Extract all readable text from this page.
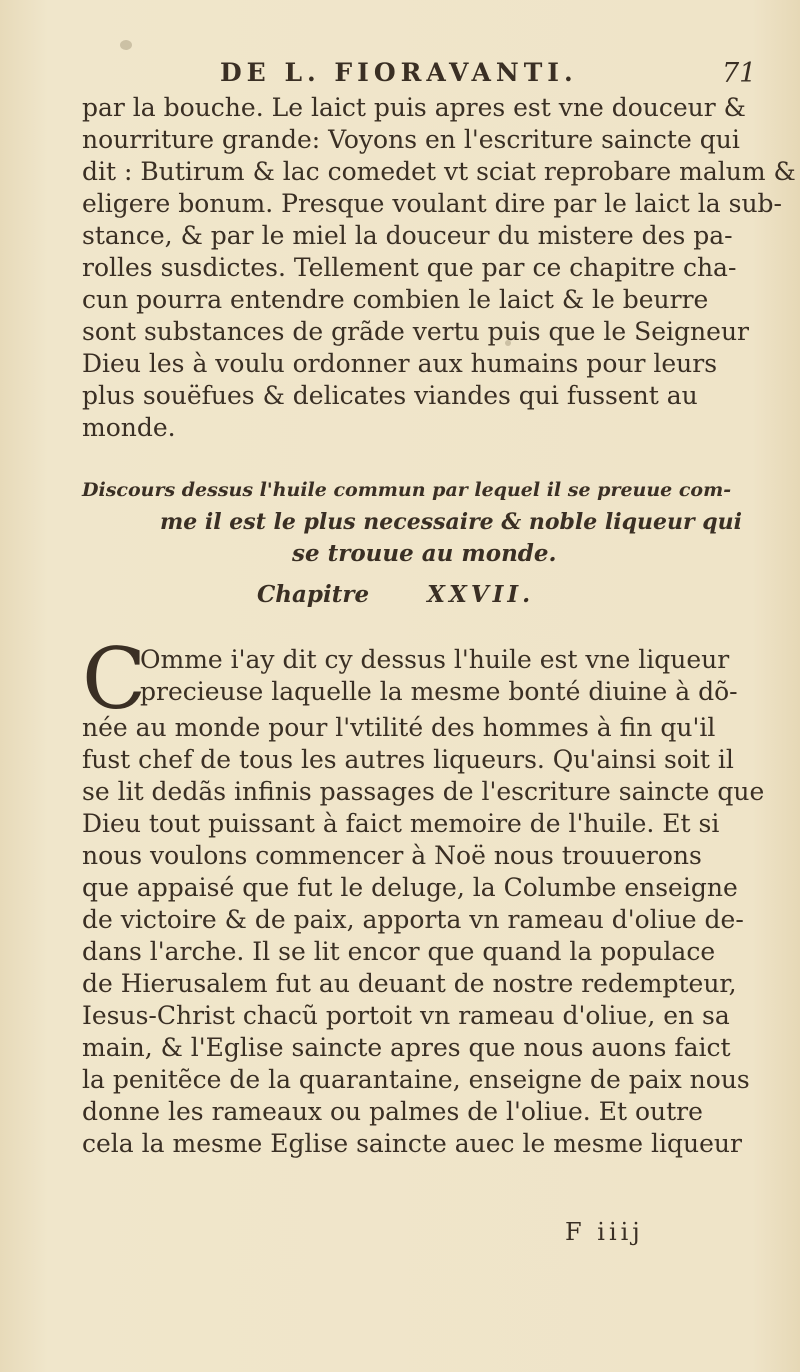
DE L. FIORAVANTI.	71
par la bouche. Le laict puis apres est vne douceur &
nourriture grande: Voyons en l'escriture saincte qui
dit : Butirum & lac comedet vt sciat reprobare malum &
eligere bonum. Presque voulant dire par le laict la sub-
stance, & par le miel la douceur du mistere des pa-
rolles susdictes. Tellement que par ce chapitre cha-
cun pourra entendre combien le laict & le beurre
sont substances de grãde vertu puis que le Seigneur
Dieu les à voulu ordonner aux humains pour leurs
plus souëfues & delicates viandes qui fussent au
monde.
Discours dessus l'huile commun par lequel il se preuue com-
me il est le plus necessaire & noble liqueur qui
se trouue au monde.
Chapitre	XXVII.
C
Omme i'ay dit cy dessus l'huile est vne liqueur
precieuse laquelle la mesme bonté diuine à dõ-
née au monde pour l'vtilité des hommes à fin qu'il
fust chef de tous les autres liqueurs. Qu'ainsi soit il
se lit dedãs infinis passages de l'escriture saincte que
Dieu tout puissant à faict memoire de l'huile. Et si
nous voulons commencer à Noë nous trouuerons
que appaisé que fut le deluge, la Columbe enseigne
de victoire & de paix, apporta vn rameau d'oliue de-
dans l'arche. Il se lit encor que quand la populace
de Hierusalem fut au deuant de nostre redempteur,
Iesus-Christ chacũ portoit vn rameau d'oliue, en sa
main, & l'Eglise saincte apres que nous auons faict
la penitẽce de la quarantaine, enseigne de paix nous
donne les rameaux ou palmes de l'oliue. Et outre
cela la mesme Eglise saincte auec le mesme liqueur
F iiij
